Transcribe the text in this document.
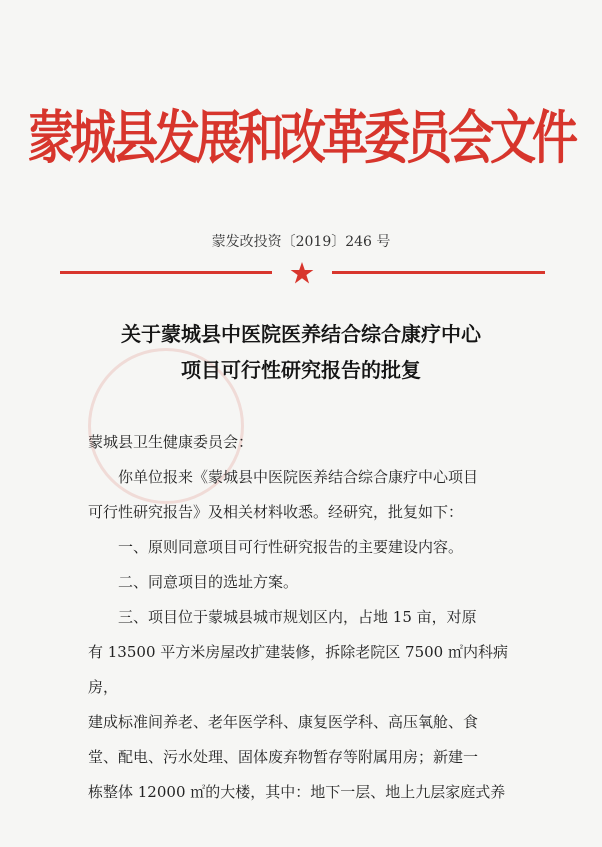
蒙城县发展和改革委员会文件
蒙发改投资〔2019〕246 号
关于蒙城县中医院医养结合综合康疗中心
项目可行性研究报告的批复
蒙城县卫生健康委员会：
你单位报来《蒙城县中医院医养结合综合康疗中心项目
可行性研究报告》及相关材料收悉。经研究，批复如下：
一、原则同意项目可行性研究报告的主要建设内容。
二、同意项目的选址方案。
三、项目位于蒙城县城市规划区内，占地 15 亩，对原
有 13500 平方米房屋改扩建装修，拆除老院区 7500 ㎡内科病房，
建成标准间养老、老年医学科、康复医学科、高压氧舱、食
堂、配电、污水处理、固体废弃物暂存等附属用房；新建一
栋整体 12000 ㎡的大楼，其中：地下一层、地上九层家庭式养
